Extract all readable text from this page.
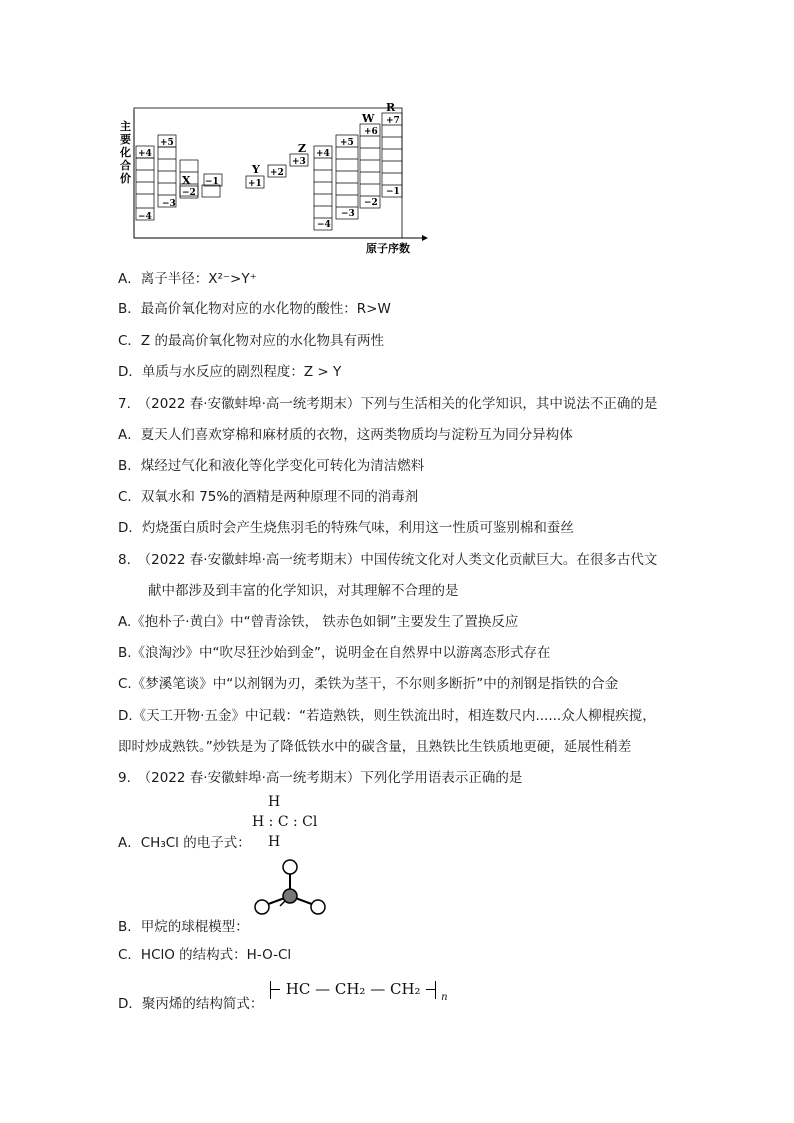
主
要
化
合
价
+4
+5
−4
−3
X
−2
−1
Y
+1
+2
Z
+3
+4
+5
W
+6
R
+7
−4
−3
−2
−1
原子序数
A．离子半径：X²⁻>Y⁺
B．最高价氧化物对应的水化物的酸性：R>W
C．Z 的最高价氧化物对应的水化物具有两性
D．单质与水反应的剧烈程度：Z > Y
7.　（2022 春·安徽蚌埠·高一统考期末）下列与生活相关的化学知识，其中说法不正确的是
A．夏天人们喜欢穿棉和麻材质的衣物，这两类物质均与淀粉互为同分异构体
B．煤经过气化和液化等化学变化可转化为清洁燃料
C．双氧水和 75%的酒精是两种原理不同的消毒剂
D．灼烧蛋白质时会产生烧焦羽毛的特殊气味，利用这一性质可鉴别棉和蚕丝
8.　（2022 春·安徽蚌埠·高一统考期末）中国传统文化对人类文化贡献巨大。在很多古代文
献中都涉及到丰富的化学知识，对其理解不合理的是
A.《抱朴子·黄白》中“曾青涂铁， 铁赤色如铜”主要发生了置换反应
B.《浪淘沙》中“吹尽狂沙始到金”，说明金在自然界中以游离态形式存在
C.《梦溪笔谈》中“以剂钢为刃，柔铁为茎干，不尔则多断折”中的剂钢是指铁的合金
D.《天工开物·五金》中记载：“若造熟铁，则生铁流出时，相连数尺内......众人柳棍疾搅，
即时炒成熟铁。”炒铁是为了降低铁水中的碳含量，且熟铁比生铁质地更硬，延展性稍差
9.　（2022 春·安徽蚌埠·高一统考期末）下列化学用语表示正确的是
A．CH₃Cl 的电子式：
H
H : C : Cl
H
B．甲烷的球棍模型：
C．HClO 的结构式：H-O-Cl
D．聚丙烯的结构简式：
HC — CH₂ — CH₂ $_n$
